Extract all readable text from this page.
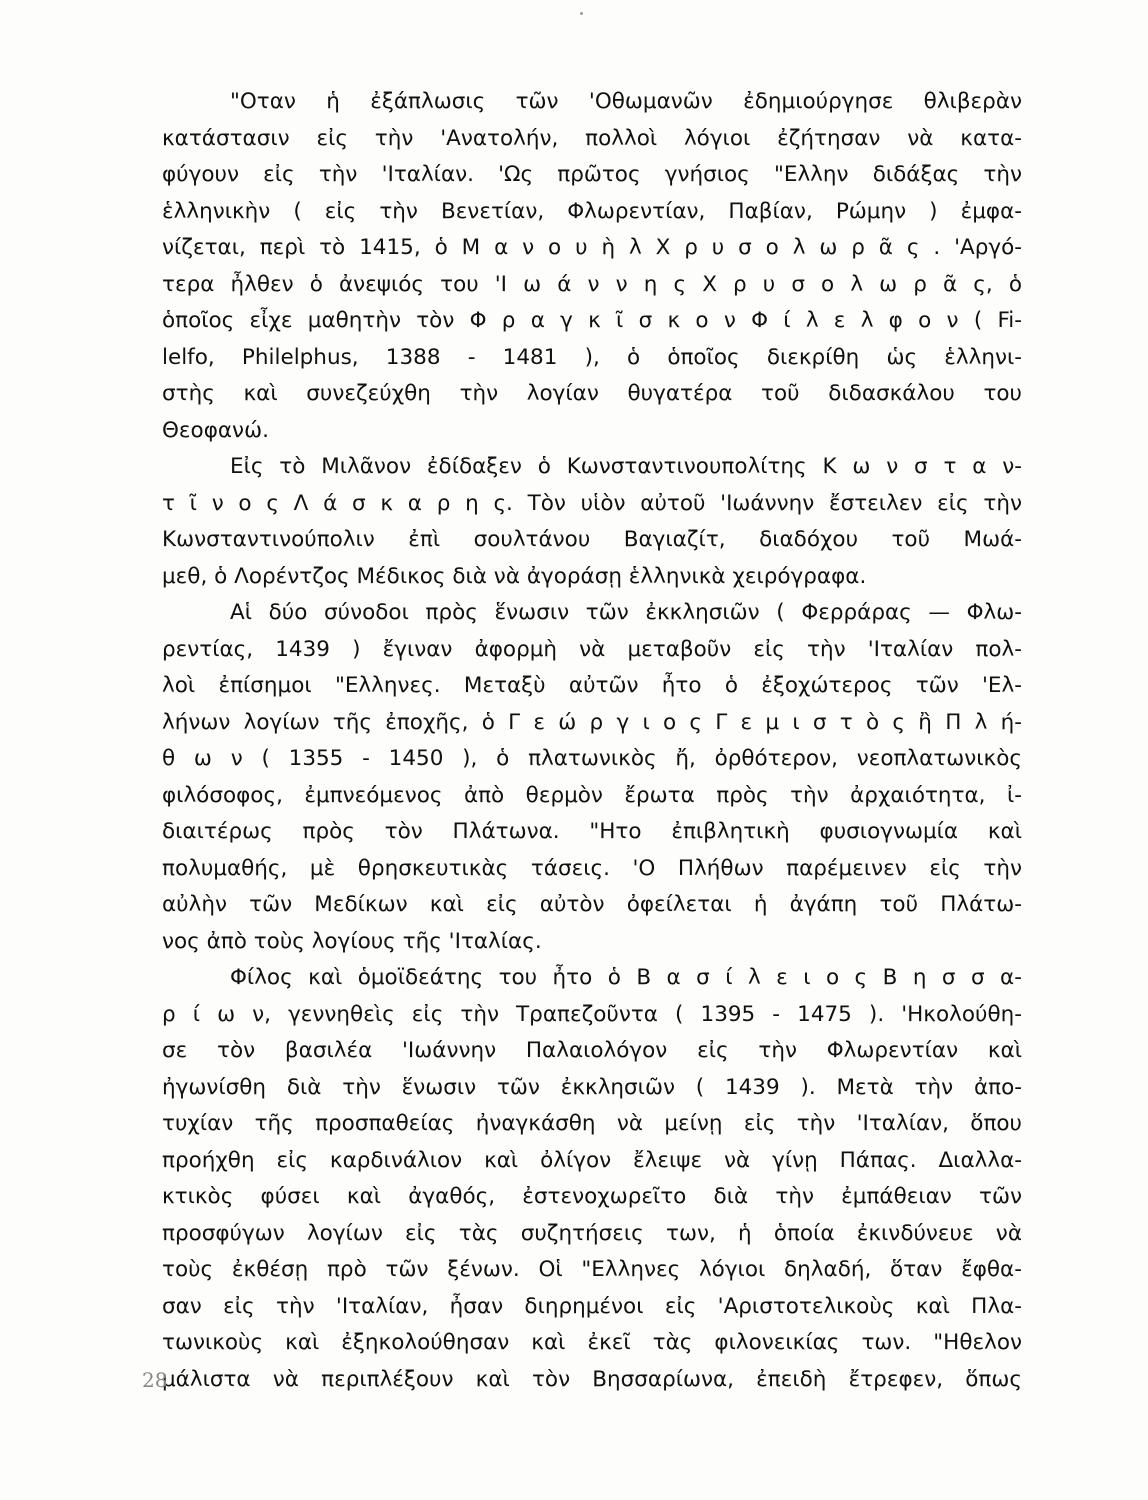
"Οταν ἡ ἐξάπλωσις τῶν 'Οθωμανῶν ἐδημιούργησε θλιβερὰν
κατάστασιν εἰς τὴν 'Ανατολήν, πολλοὶ λόγιοι ἐζήτησαν νὰ κατα-
φύγουν εἰς τὴν 'Ιταλίαν. 'Ως πρῶτος γνήσιος "Ελλην διδάξας τὴν
ἑλληνικὴν ( εἰς τὴν Βενετίαν, Φλωρεντίαν, Παβίαν, Ρώμην ) ἐμφα-
νίζεται, περὶ τὸ 1415, ὁ Μ α ν ο υ ὴ λ Χ ρ υ σ ο λ ω ρ ᾶ ς . 'Αργό-
τερα ἦλθεν ὁ ἀνεψιός του 'Ι ω ά ν ν η ς Χ ρ υ σ ο λ ω ρ ᾶ ς, ὁ
ὁποῖος εἶχε μαθητὴν τὸν Φ ρ α γ κ ῖ σ κ ο ν Φ ί λ ε λ φ ο ν ( Fi-
lelfo, Philelphus, 1388 - 1481 ), ὁ ὁποῖος διεκρίθη ὡς ἑλληνι-
στὴς καὶ συνεζεύχθη τὴν λογίαν θυγατέρα τοῦ διδασκάλου του
Θεοφανώ.
Εἰς τὸ Μιλᾶνον ἐδίδαξεν ὁ Κωνσταντινουπολίτης Κ ω ν σ τ α ν-
τ ῖ ν ο ς Λ ά σ κ α ρ η ς. Τὸν υἱὸν αὐτοῦ 'Ιωάννην ἔστειλεν εἰς τὴν
Κωνσταντινούπολιν ἐπὶ σουλτάνου Βαγιαζίτ, διαδόχου τοῦ Μωά-
μεθ, ὁ Λορέντζος Μέδικος διὰ νὰ ἀγοράσῃ ἑλληνικὰ χειρόγραφα.
Αἱ δύο σύνοδοι πρὸς ἕνωσιν τῶν ἐκκλησιῶν ( Φερράρας — Φλω-
ρεντίας, 1439 ) ἔγιναν ἀφορμὴ νὰ μεταβοῦν εἰς τὴν 'Ιταλίαν πολ-
λοὶ ἐπίσημοι "Ελληνες. Μεταξὺ αὐτῶν ἦτο ὁ ἐξοχώτερος τῶν 'Ελ-
λήνων λογίων τῆς ἐποχῆς, ὁ Γ ε ώ ρ γ ι ο ς Γ ε μ ι σ τ ὸ ς ἢ Π λ ή-
θ ω ν ( 1355 - 1450 ), ὁ πλατωνικὸς ἤ, ὀρθότερον, νεοπλατωνικὸς
φιλόσοφος, ἐμπνεόμενος ἀπὸ θερμὸν ἔρωτα πρὸς τὴν ἀρχαιότητα, ἰ-
διαιτέρως πρὸς τὸν Πλάτωνα. "Ητο ἐπιβλητικὴ φυσιογνωμία καὶ
πολυμαθής, μὲ θρησκευτικὰς τάσεις. 'Ο Πλήθων παρέμεινεν εἰς τὴν
αὐλὴν τῶν Μεδίκων καὶ εἰς αὐτὸν ὀφείλεται ἡ ἀγάπη τοῦ Πλάτω-
νος ἀπὸ τοὺς λογίους τῆς 'Ιταλίας.
Φίλος καὶ ὁμοϊδεάτης του ἦτο ὁ Β α σ ί λ ε ι ο ς Β η σ σ α-
ρ ί ω ν, γεννηθεὶς εἰς τὴν Τραπεζοῦντα ( 1395 - 1475 ). 'Ηκολούθη-
σε τὸν βασιλέα 'Ιωάννην Παλαιολόγον εἰς τὴν Φλωρεντίαν καὶ
ἠγωνίσθη διὰ τὴν ἕνωσιν τῶν ἐκκλησιῶν ( 1439 ). Μετὰ τὴν ἀπο-
τυχίαν τῆς προσπαθείας ἠναγκάσθη νὰ μείνῃ εἰς τὴν 'Ιταλίαν, ὅπου
προήχθη εἰς καρδινάλιον καὶ ὀλίγον ἔλειψε νὰ γίνῃ Πάπας. Διαλλα-
κτικὸς φύσει καὶ ἀγαθός, ἐστενοχωρεῖτο διὰ τὴν ἐμπάθειαν τῶν
προσφύγων λογίων εἰς τὰς συζητήσεις των, ἡ ὁποία ἐκινδύνευε νὰ
τοὺς ἐκθέσῃ πρὸ τῶν ξένων. Οἱ "Ελληνες λόγιοι δηλαδή, ὅταν ἔφθα-
σαν εἰς τὴν 'Ιταλίαν, ἦσαν διηρημένοι εἰς 'Αριστοτελικοὺς καὶ Πλα-
τωνικοὺς καὶ ἐξηκολούθησαν καὶ ἐκεῖ τὰς φιλονεικίας των. "Ηθελον
μάλιστα νὰ περιπλέξουν καὶ τὸν Βησσαρίωνα, ἐπειδὴ ἔτρεφεν, ὅπως
28
